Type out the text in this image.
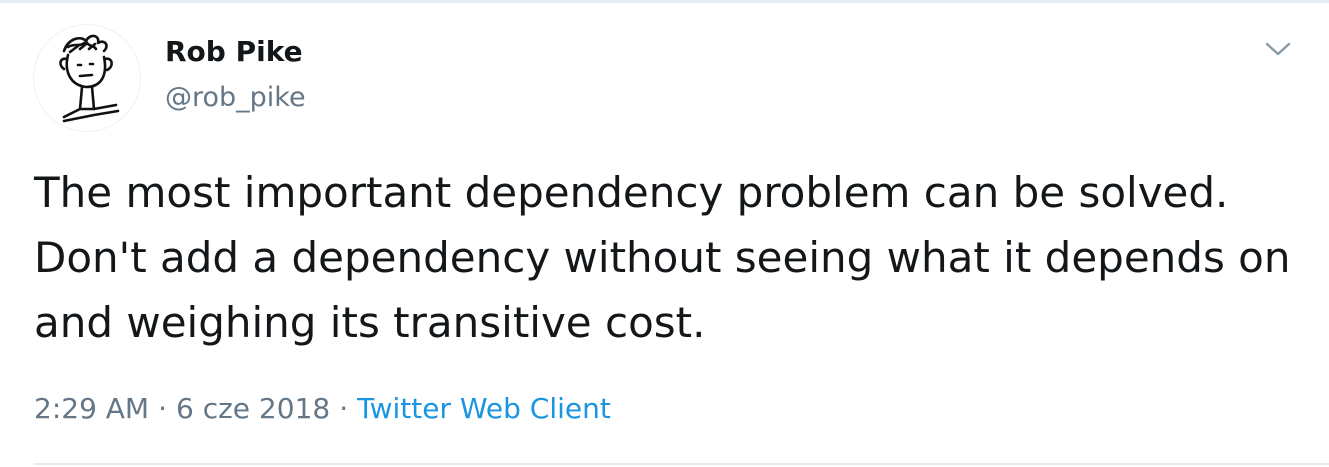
Rob Pike
@rob_pike

The most important dependency problem can be solved. Don't add a dependency without seeing what it depends on and weighing its transitive cost.

2:29 AM · 6 cze 2018 · Twitter Web Client
